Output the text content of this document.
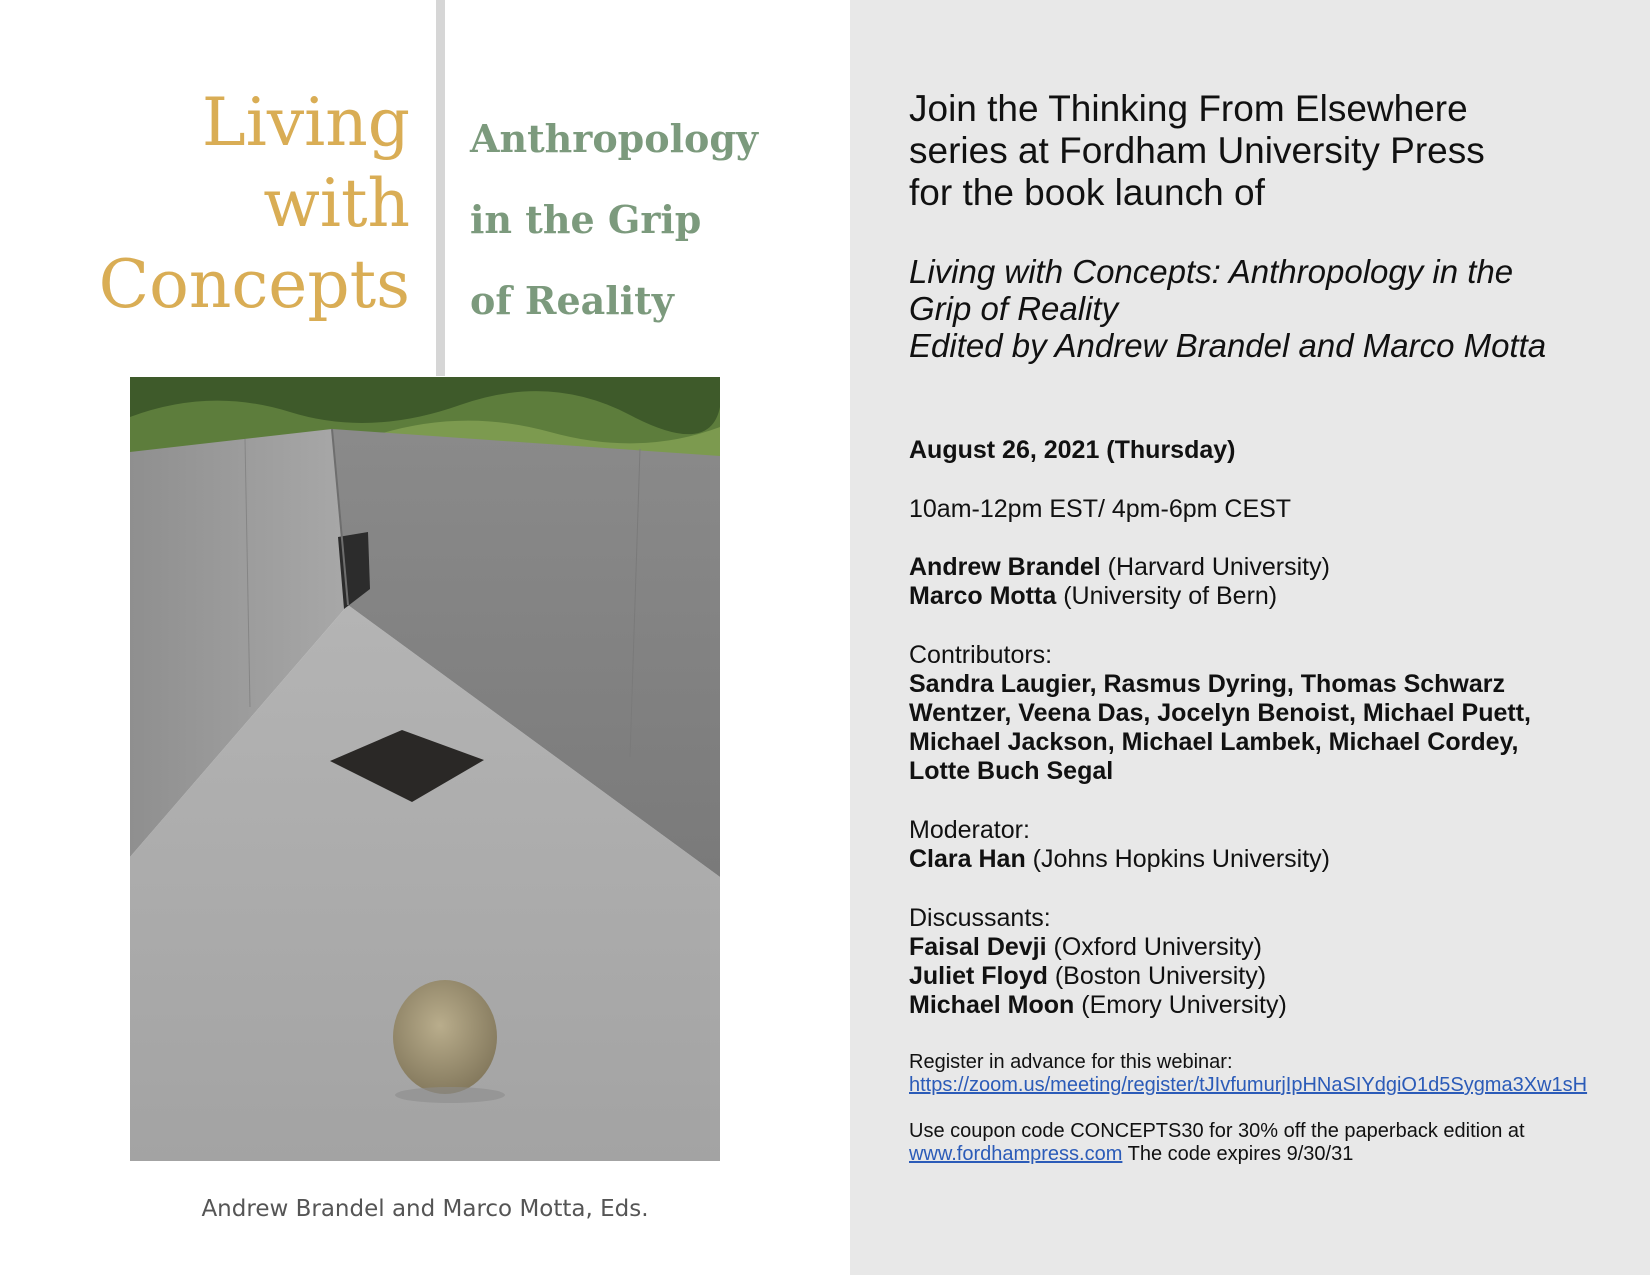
Living
with
Concepts
Anthropology
in the Grip
of Reality
Andrew Brandel and Marco Motta, Eds.
Join the Thinking From Elsewhere
series at Fordham University Press
for the book launch of
Living with Concepts: Anthropology in the
Grip of Reality
Edited by Andrew Brandel and Marco Motta
August 26, 2021 (Thursday)
10am-12pm EST/ 4pm-6pm CEST
Andrew Brandel (Harvard University)
Marco Motta (University of Bern)
Contributors:
Sandra Laugier, Rasmus Dyring, Thomas Schwarz
Wentzer, Veena Das, Jocelyn Benoist, Michael Puett,
Michael Jackson, Michael Lambek, Michael Cordey,
Lotte Buch Segal
Moderator:
Clara Han (Johns Hopkins University)
Discussants:
Faisal Devji (Oxford University)
Juliet Floyd (Boston University)
Michael Moon (Emory University)
Register in advance for this webinar:
https://zoom.us/meeting/register/tJIvfumurjIpHNaSIYdgiO1d5Sygma3Xw1sH
Use coupon code CONCEPTS30 for 30% off the paperback edition at
www.fordhampress.com The code expires 9/30/31
